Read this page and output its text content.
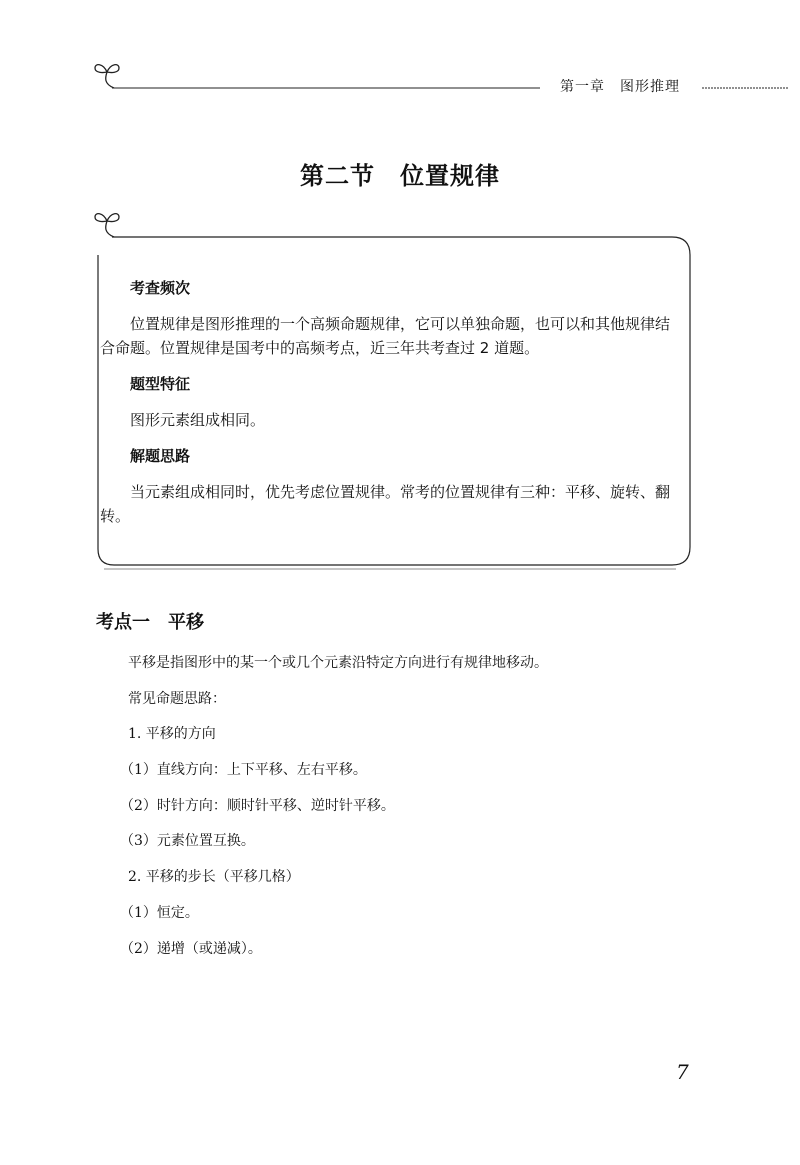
第一章　图形推理
第二节　位置规律

考查频次

位置规律是图形推理的一个高频命题规律，它可以单独命题，也可以和其他规律结合命题。位置规律是国考中的高频考点，近三年共考查过 2 道题。

题型特征

图形元素组成相同。

解题思路

当元素组成相同时，优先考虑位置规律。常考的位置规律有三种：平移、旋转、翻转。

考点一　平移

平移是指图形中的某一个或几个元素沿特定方向进行有规律地移动。

常见命题思路：

1. 平移的方向

（1）直线方向：上下平移、左右平移。

（2）时针方向：顺时针平移、逆时针平移。

（3）元素位置互换。

2. 平移的步长（平移几格）

（1）恒定。

（2）递增（或递减）。

7
